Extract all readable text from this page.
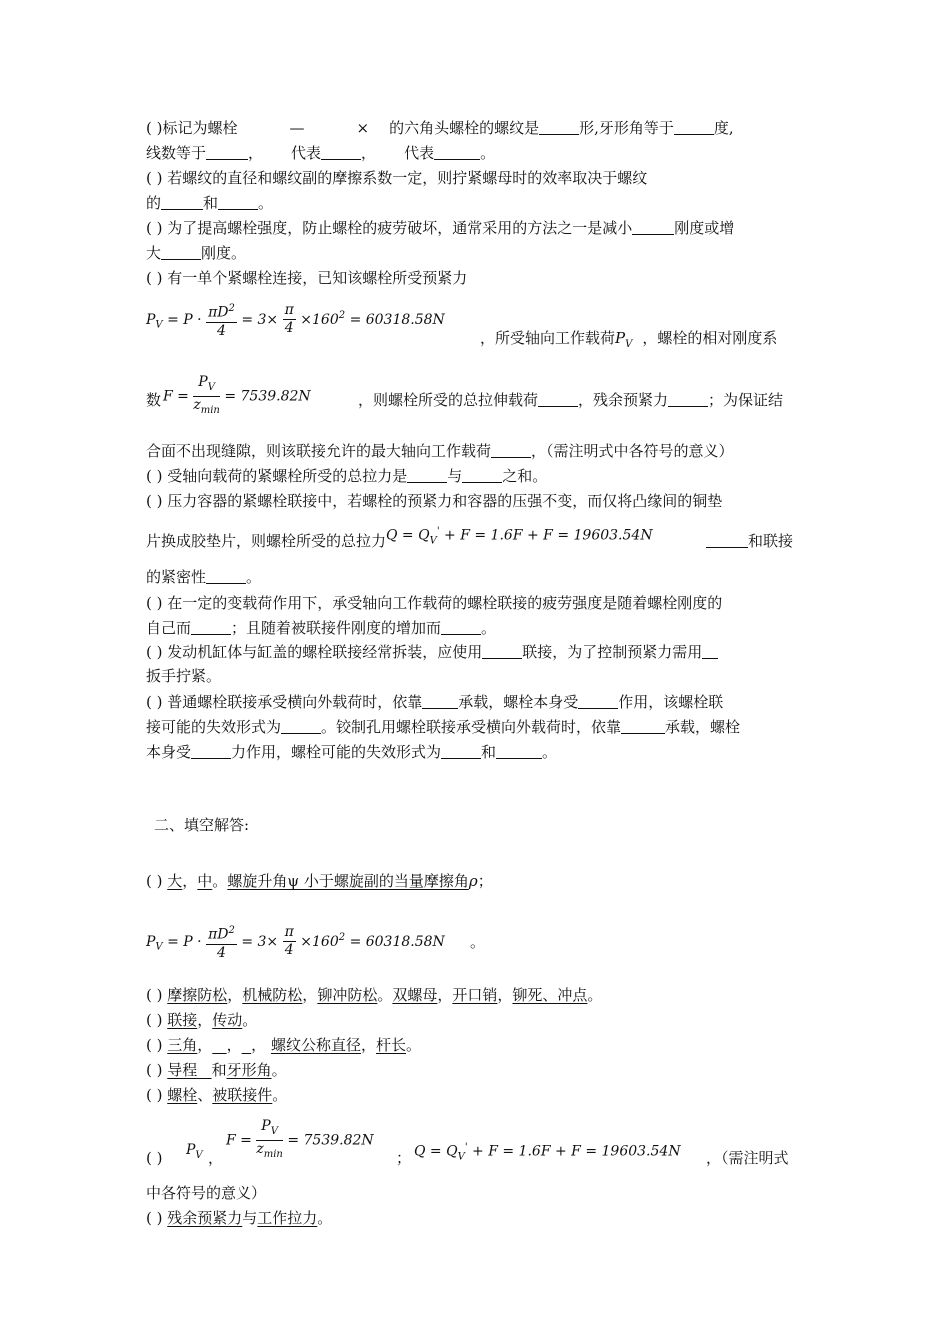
( )标记为螺栓	—	× 的六角头螺栓的螺纹是	形,牙形角等于	度,
线数等于	， 代表	， 代表	。
( ) 若螺纹的直径和螺纹副的摩擦系数一定，则拧紧螺母时的效率取决于螺纹
的	和	。
( ) 为了提高螺栓强度，防止螺栓的疲劳破坏，通常采用的方法之一是减小	刚度或增
大	刚度。
( ) 有一单个紧螺栓连接，已知该螺栓所受预紧力
$P_V = P \cdot \frac{\pi D^2}{4} = 3\times \frac{\pi}{4} \times 160^2 = 60318.58N$
，所受轴向工作载荷$P_V$ ，螺栓的相对刚度系
数 $F = \frac{P_V}{z_{min}} = 7539.82N$	，则螺栓所受的总拉伸载荷	，残余预紧力	；为保证结
合面不出现缝隙，则该联接允许的最大轴向工作载荷	，（需注明式中各符号的意义）
( ) 受轴向载荷的紧螺栓所受的总拉力是	与	之和。
( ) 压力容器的紧螺栓联接中，若螺栓的预紧力和容器的压强不变，而仅将凸缘间的铜垫
片换成胶垫片，则螺栓所受的总拉力 $Q = Q_V' + F = 1.6F + F = 19603.54N$	和联接
的紧密性	。
( ) 在一定的变载荷作用下，承受轴向工作载荷的螺栓联接的疲劳强度是随着螺栓刚度的
自己而	；且随着被联接件刚度的增加而	。
( ) 发动机缸体与缸盖的螺栓联接经常拆装，应使用	联接，为了控制预紧力需用
扳手拧紧。
( ) 普通螺栓联接承受横向外载荷时，依靠 承载，螺栓本身受	作用，该螺栓联
接可能的失效形式为	。铰制孔用螺栓联接承受横向外载荷时，依靠	承载，螺栓
本身受	力作用，螺栓可能的失效形式为	和	。
二、填空解答:
( ) 大，中。螺旋升角ψ 小于螺旋副的当量摩擦角ρ；
$P_V = P \cdot \frac{\pi D^2}{4} = 3\times \frac{\pi}{4} \times 160^2 = 60318.58N$ 。
( ) 摩擦防松，机械防松，铆冲防松。双螺母，开口销，铆死、冲点。
( ) 联接，传动。
( ) 三角， ， ， 螺纹公称直径，杆长。
( ) 导程   和牙形角。
( ) 螺栓、被联接件。
( ) $P_V$ ，
$F = \frac{P_V}{z_{min}} = 7539.82N$
； $Q = Q_V' + F = 1.6F + F = 19603.54N$ ，（需注明式
中各符号的意义）
( ) 残余预紧力与工作拉力。
